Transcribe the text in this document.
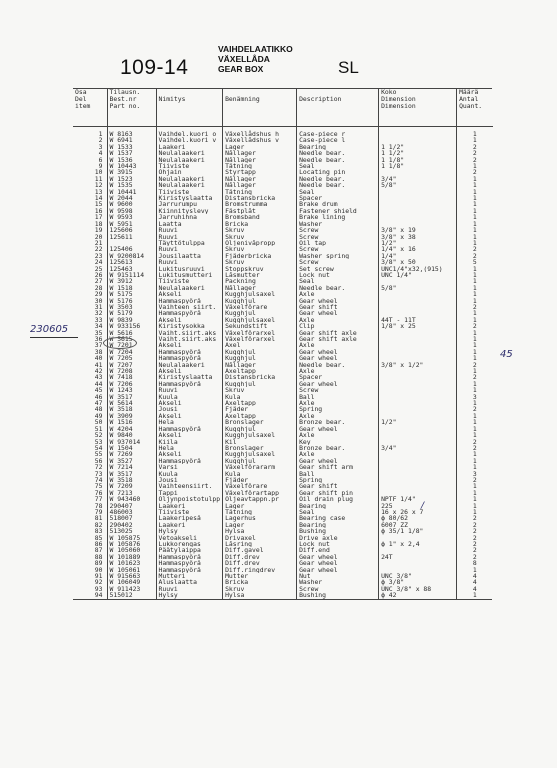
109-14
VAIHDELAATIKKO
VÄXELLÅDA
GEAR BOX	SL
Osa
Del
item	Tilausn.
Best.nr
Part no.	Nimitys	Benämning	Description	Koko
Dimension
Dimension	Määrä
Antal
Quant.

1	W 8163	Vaihdel.kuori o	Växellådshus h	Case-piece r		1
2	W 6941	Vaihdel.kuori v	Växellådshus v	Case-piece l		1
3	W 1533	Laakeri	Lager	Bearing	1 1/2"	2
4	W 1537	Neulalaakeri	Nållager	Needle bear.	1 1/2"	2
6	W 1536	Neulalaakeri	Nållager	Needle bear.	1 1/8"	2
9	W 10443	Tiiviste	Tätning	Seal	1 1/8"	1
10	W 3915	Ohjain	Styrtapp	Locating pin		2
11	W 1523	Neulalaakeri	Nållager	Needle bear.	3/4"	1
12	W 1535	Neulalaakeri	Nållager	Needle bear.	5/8"	1
13	W 10441	Tiiviste	Tätning	Seal		1
14	W 2044	Kiristyslaatta	Distansbricka	Spacer		1
15	W 9600	Jarrurumpu	Bromstrumma	Brake drum		1
16	W 9598	Kiinnityslevy	Fästplåt	Fastener shield		1
17	W 9593	Jarruhihna	Bromsband	Brake lining		1
18	W 5951	Laatta	Bricka	Washer		1
19	125606	Ruuvi	Skruv	Screw	3/8" x 19	1
20	125611	Ruuvi	Skruv	Screw	3/8" x 38	1
21		Täyttötulppa	Oljenivåpropp	Oil tap	1/2"	1
22	125406	Ruuvi	Skruv	Screw	1/4" x 16	2
23	W 9200814	Jousilaatta	Fjäderbricka	Washer spring	1/4"	2
24	125613	Ruuvi	Skruv	Screw	3/8" x 50	5
25	125463	Lukitusruuvi	Stoppskruv	Set screw	UNC1/4"x32,(915)	1
26	W 9151114	Lukitusmutteri	Låsmutter	Lock nut	UNC 1/4"	1
27	W 3912	Tiiviste	Packning	Seal		1
28	W 1518	Neulalaakeri	Nållager	Needle bear.	5/8"	1
29	W 5175	Akseli	Kugghjulsaxel	Axle		1
30	W 5176	Hammaspyörä	Kugghjul	Gear wheel		1
31	W 3503	Vaihteen siirt.	Växelförare	Gear shift		2
32	W 5179	Hammaspyörä	Kugghjul	Gear wheel		1
33	W 9839	Akseli	Kugghjulsaxel	Axle	44T - 11T	1
34	W 933156	Kiristysokka	Sekundstift	Clip	1/8" x 25	2
35	W 5616	Vaiht.siirt.aks	Växelförarxel	Gear shift axle		1
36	W 5615	Vaiht.siirt.aks	Växelförarxel	Gear shift axle		1
37	W 7201	Akseli	Axel	Axle		1
38	W 7204	Hammaspyörä	Kugghjul	Gear wheel		1
40	W 7205	Hammaspyörä	Kugghjul	Gear wheel		1
41	W 7207	Neulalaakeri	Nållager	Needle bear.	3/8" x 1/2"	2
42	W 7208	Akseli	Axeltapp	Axle		1
43	W 7418	Kiristyslaatta	Distansbricka	Spacer		2
44	W 7206	Hammaspyörä	Kugghjul	Gear wheel		1
45	W 1243	Ruuvi	Skruv	Screw		1
46	W 3517	Kuula	Kula	Ball		3
47	W 5614	Akseli	Axeltapp	Axle		1
48	W 3518	Jousi	Fjäder	Spring		2
49	W 3909	Akseli	Axeltapp	Axle		1
50	W 1516	Hela	Bronslager	Bronze bear.	1/2"	1
51	W 4204	Hammaspyörä	Kugghjul	Gear wheel		1
52	W 9840	Akseli	Kugghjulsaxel	Axle		1
53	W 937014	Kiila	Kil	Key		2
54	W 1504	Hela	Bronslager	Bronze bear.	3/4"	2
55	W 7269	Akseli	Kugghjulsaxel	Axle		1
56	W 3527	Hammaspyörä	Kugghjul	Gear wheel		1
72	W 7214	Varsi	Växelförararm	Gear shift arm		1
73	W 3517	Kuula	Kula	Ball		3
74	W 3518	Jousi	Fjäder	Spring		2
75	W 7209	Vaihteensiirt.	Växelförare	Gear shift		1
76	W 7213	Tappi	Växelförartapp	Gear shift pin		1
77	W 943460	Öljynpoistotulpp	Oljeavtappn.pr	Oil drain plug	NPTF 1/4"	1
78	290407	Laakeri	Lager	Bearing	225	1
79	486003	Tiiviste	Tätning	Seal	16 x 26 x 7	1
81	518007	Laakeripesä	Lagerhus	Bearing case	ϕ 80/62	2
82	290402	Laakeri	Lager	Bearing	6007 ZZ	2
83	513025	Hylsy	Hylsa	Bushing	ϕ 35/1 1/8"	2
85	W 105875	Vetoakseli	Drivaxel	Drive axle		2
86	W 105876	Lukkorengas	Låsring	Lock nut	ϕ 1" x 2,4	2
87	W 105060	Päätylaippa	Diff.gavel	Diff.end		2
88	W 101889	Hammaspyörä	Diff.drev	Gear wheel	24T	2
89	W 101623	Hammaspyörä	Diff.drev	Gear wheel		8
90	W 105061	Hammaspyörä	Diff.ringdrev	Gear wheel		1
91	W 915663	Mutteri	Mutter	Nut	UNC 3/8"	4
92	W 106049	Aluslaatta	Bricka	Washer	ϕ 3/8"	4
93	W 911423	Ruuvi	Skruv	Screw	UNC 3/8" x 88	4
94	515012	Hylsy	Hylsa	Bushing	ϕ 42	1
230605
45
/
